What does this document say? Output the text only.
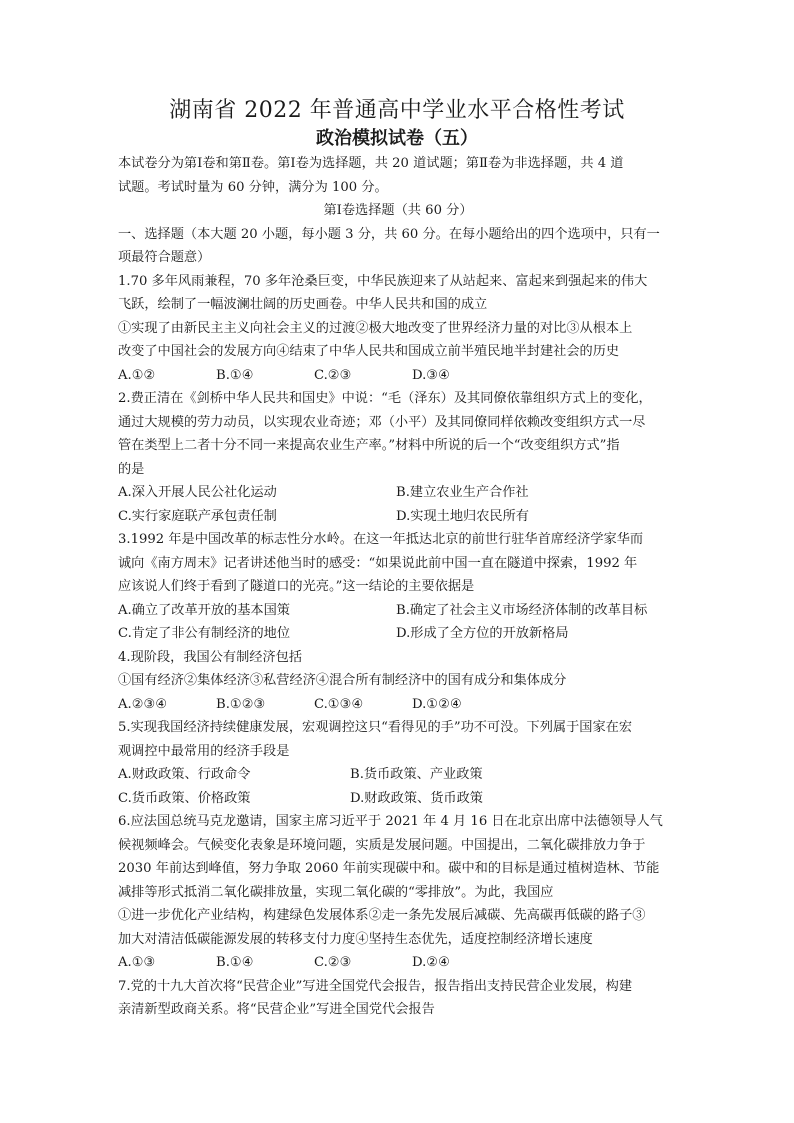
湖南省 2022 年普通高中学业水平合格性考试
政治模拟试卷（五）

本试卷分为第Ⅰ卷和第Ⅱ卷。第Ⅰ卷为选择题，共 20 道试题；第Ⅱ卷为非选择题，共 4 道

试题。考试时量为 60 分钟，满分为 100 分。

第Ⅰ卷选择题（共 60 分）

一、选择题（本大题 20 小题，每小题 3 分，共 60 分。在每小题给出的四个选项中，只有一

项最符合题意）

1.70 多年风雨兼程，70 多年沧桑巨变，中华民族迎来了从站起来、富起来到强起来的伟大

飞跃，绘制了一幅波澜壮阔的历史画卷。中华人民共和国的成立

①实现了由新民主主义向社会主义的过渡②极大地改变了世界经济力量的对比③从根本上

改变了中国社会的发展方向④结束了中华人民共和国成立前半殖民地半封建社会的历史

A.①②	B.①④	C.②③	D.③④

2.费正清在《剑桥中华人民共和国史》中说：“毛（泽东）及其同僚依靠组织方式上的变化，

通过大规模的劳力动员，以实现农业奇迹；邓（小平）及其同僚同样依赖改变组织方式一尽

管在类型上二者十分不同一来提高农业生产率。”材料中所说的后一个“改变组织方式”指

的是

A.深入开展人民公社化运动	B.建立农业生产合作社
C.实行家庭联产承包责任制	D.实现土地归农民所有

3.1992 年是中国改革的标志性分水岭。在这一年抵达北京的前世行驻华首席经济学家华而

诚向《南方周末》记者讲述他当时的感受：“如果说此前中国一直在隧道中探索，1992 年

应该说人们终于看到了隧道口的光亮。”这一结论的主要依据是

A.确立了改革开放的基本国策	B.确定了社会主义市场经济体制的改革目标
C.肯定了非公有制经济的地位	D.形成了全方位的开放新格局

4.现阶段，我国公有制经济包括

①国有经济②集体经济③私营经济④混合所有制经济中的国有成分和集体成分

A.②③④	B.①②③	C.①③④	D.①②④

5.实现我国经济持续健康发展，宏观调控这只“看得见的手”功不可没。下列属于国家在宏

观调控中最常用的经济手段是

A.财政政策、行政命令	B.货币政策、产业政策
C.货币政策、价格政策	D.财政政策、货币政策

6.应法国总统马克龙邀请，国家主席习近平于 2021 年 4 月 16 日在北京出席中法德领导人气

候视频峰会。气候变化表象是环境问题，实质是发展问题。中国提出，二氧化碳排放力争于

2030 年前达到峰值，努力争取 2060 年前实现碳中和。碳中和的目标是通过植树造林、节能

减排等形式抵消二氧化碳排放量，实现二氧化碳的“零排放”。为此，我国应

①进一步优化产业结构，构建绿色发展体系②走一条先发展后减碳、先高碳再低碳的路子③

加大对清洁低碳能源发展的转移支付力度④坚持生态优先，适度控制经济增长速度

A.①③	B.①④	C.②③	D.②④

7.党的十九大首次将“民营企业”写进全国党代会报告，报告指出支持民营企业发展，构建

亲清新型政商关系。将“民营企业”写进全国党代会报告
